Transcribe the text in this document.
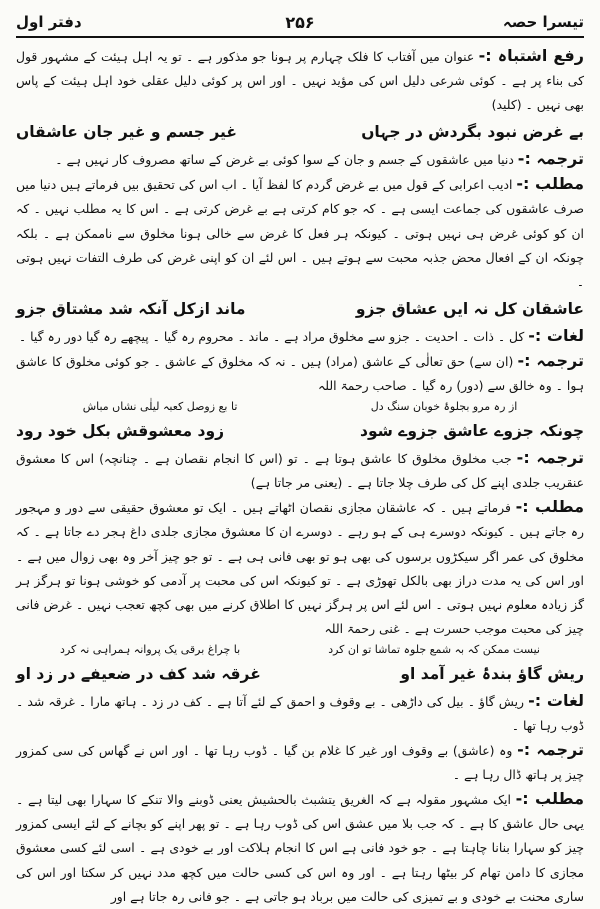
دفتر اول	۲۵۶	تیسرا حصہ

رفع اشتباہ :- عنوان میں آفتاب کا فلک چہارم پر ہونا جو مذکور ہے ۔ تو یہ اہل ہیئت کے مشہور قول کی بناء پر ہے ۔ کوئی شرعی دلیل اس کی مؤید نہیں ۔ اور اس پر کوئی دلیل عقلی خود اہل ہیئت کے پاس بھی نہیں ۔ (کلید)

بے غرض نبود بگردش در جہاں
غیر جسم و غیر جان عاشقاں

ترجمہ :- دنیا میں عاشقوں کے جسم و جان کے سوا کوئی بے غرض کے ساتھ مصروف کار نہیں ہے ۔

مطلب :- ادیب اعرابی کے قول میں بے غرض گردم کا لفظ آیا ۔ اب اس کی تحقیق بیں فرماتے ہیں دنیا میں صرف عاشقوں کی جماعت ایسی ہے ۔ کہ جو کام کرتی ہے بے غرض کرتی ہے ۔ اس کا یہ مطلب نہیں ۔ کہ ان کو کوئی غرض ہی نہیں ہوتی ۔ کیونکہ ہر فعل کا غرض سے خالی ہونا مخلوق سے ناممکن ہے ۔ بلکہ چونکہ ان کے افعال محض جذبہ محبت سے ہوتے ہیں ۔ اس لئے ان کو اپنی غرض کی طرف التفات نہیں ہوتی ۔

عاشقان کل نہ ایں عشاق جزو
ماند ازکل آنکہ شد مشتاق جزو

لغات :- کل ۔ ذات ۔ احدیت ۔ جزو سے مخلوق مراد ہے ۔ ماند ۔ محروم رہ گیا ۔ پیچھے رہ گیا دور رہ گیا ۔

ترجمہ :- (ان سے) حق تعالٰی کے عاشق (مراد) ہیں ۔ نہ کہ مخلوق کے عاشق ۔ جو کوئی مخلوق کا عاشق ہوا ۔ وہ خالق سے (دور) رہ گیا ۔ صاحب رحمۃ اللہ

از رہ مرو بجلوۂ خوبان سنگ دل
تا بع زوصل کعبہ لیلٰی نشاں مباش
چونکہ جزوے عاشق جزوے شود
زود معشوقش بکل خود رود

ترجمہ :- جب مخلوق مخلوق کا عاشق ہوتا ہے ۔ تو (اس کا انجام نقصان ہے ۔ چنانچہ) اس کا معشوق عنقریب جلدی اپنے کل کی طرف چلا جاتا ہے ۔ (یعنی مر جاتا ہے)

مطلب :- فرماتے ہیں ۔ کہ عاشقان مجازی نقصان اٹھاتے ہیں ۔ ایک تو معشوق حقیقی سے دور و مہجور رہ جاتے ہیں ۔ کیونکہ دوسرے ہی کے ہو رہے ۔ دوسرے ان کا معشوق مجازی جلدی داغ ہجر دے جاتا ہے ۔ کہ مخلوق کی عمر اگر سیکڑوں برسوں کی بھی ہو تو بھی فانی ہی ہے ۔ تو جو چیز آخر وہ بھی زوال میں ہے ۔ اور اس کی یہ مدت دراز بھی بالکل تھوڑی ہے ۔ تو کیونکہ اس کی محبت پر آدمی کو خوشی ہونا تو ہرگز ہر گز زیادہ معلوم نہیں ہوتی ۔ اس لئے اس پر ہرگز نہیں کا اطلاق کرنے میں بھی کچھ تعجب نہیں ۔ غرض فانی چیز کی محبت موجب حسرت ہے ۔ غنی رحمۃ اللہ

نیست ممکن کہ بہ شمع جلوہ تماشا تو ان کرد
با چراغ برقی یک پروانہ ہمراہی نہ کرد
ریش گاؤ بندۂ غیر آمد او
غرقہ شد کف در ضعیفے در زد او

لغات :- ریش گاؤ ۔ بیل کی داڑھی ۔ بے وقوف و احمق کے لئے آتا ہے ۔ کف در زد ۔ ہاتھ مارا ۔ غرقہ شد ۔ ڈوب رہا تھا ۔

ترجمہ :- وہ (عاشق) بے وقوف اور غیر کا غلام بن گیا ۔ ڈوب رہا تھا ۔ اور اس نے گھاس کی سی کمزور چیز پر ہاتھ ڈال رہا ہے ۔

مطلب :- ایک مشہور مقولہ ہے کہ الغریق یتشبث بالحشیش یعنی ڈوبنے والا تنکے کا سہارا بھی لیتا ہے ۔ یہی حال عاشق کا ہے ۔ کہ جب بلا میں عشق اس کی ڈوب رہا ہے ۔ تو پھر اپنے کو بچانے کے لئے ایسی کمزور چیز کو سہارا بنانا چاہتا ہے ۔ جو خود فانی ہے اس کا انجام ہلاکت اور بے خودی ہے ۔ اسی لئے کسی معشوق مجازی کا دامن تھام کر بیٹھا رہتا ہے ۔ اور وہ اس کی کسی حالت میں کچھ مدد نہیں کر سکتا اور اس کی ساری محنت بے خودی و بے تمیزی کی حالت میں برباد ہو جاتی ہے ۔ جو فانی رہ جاتا ہے اور
